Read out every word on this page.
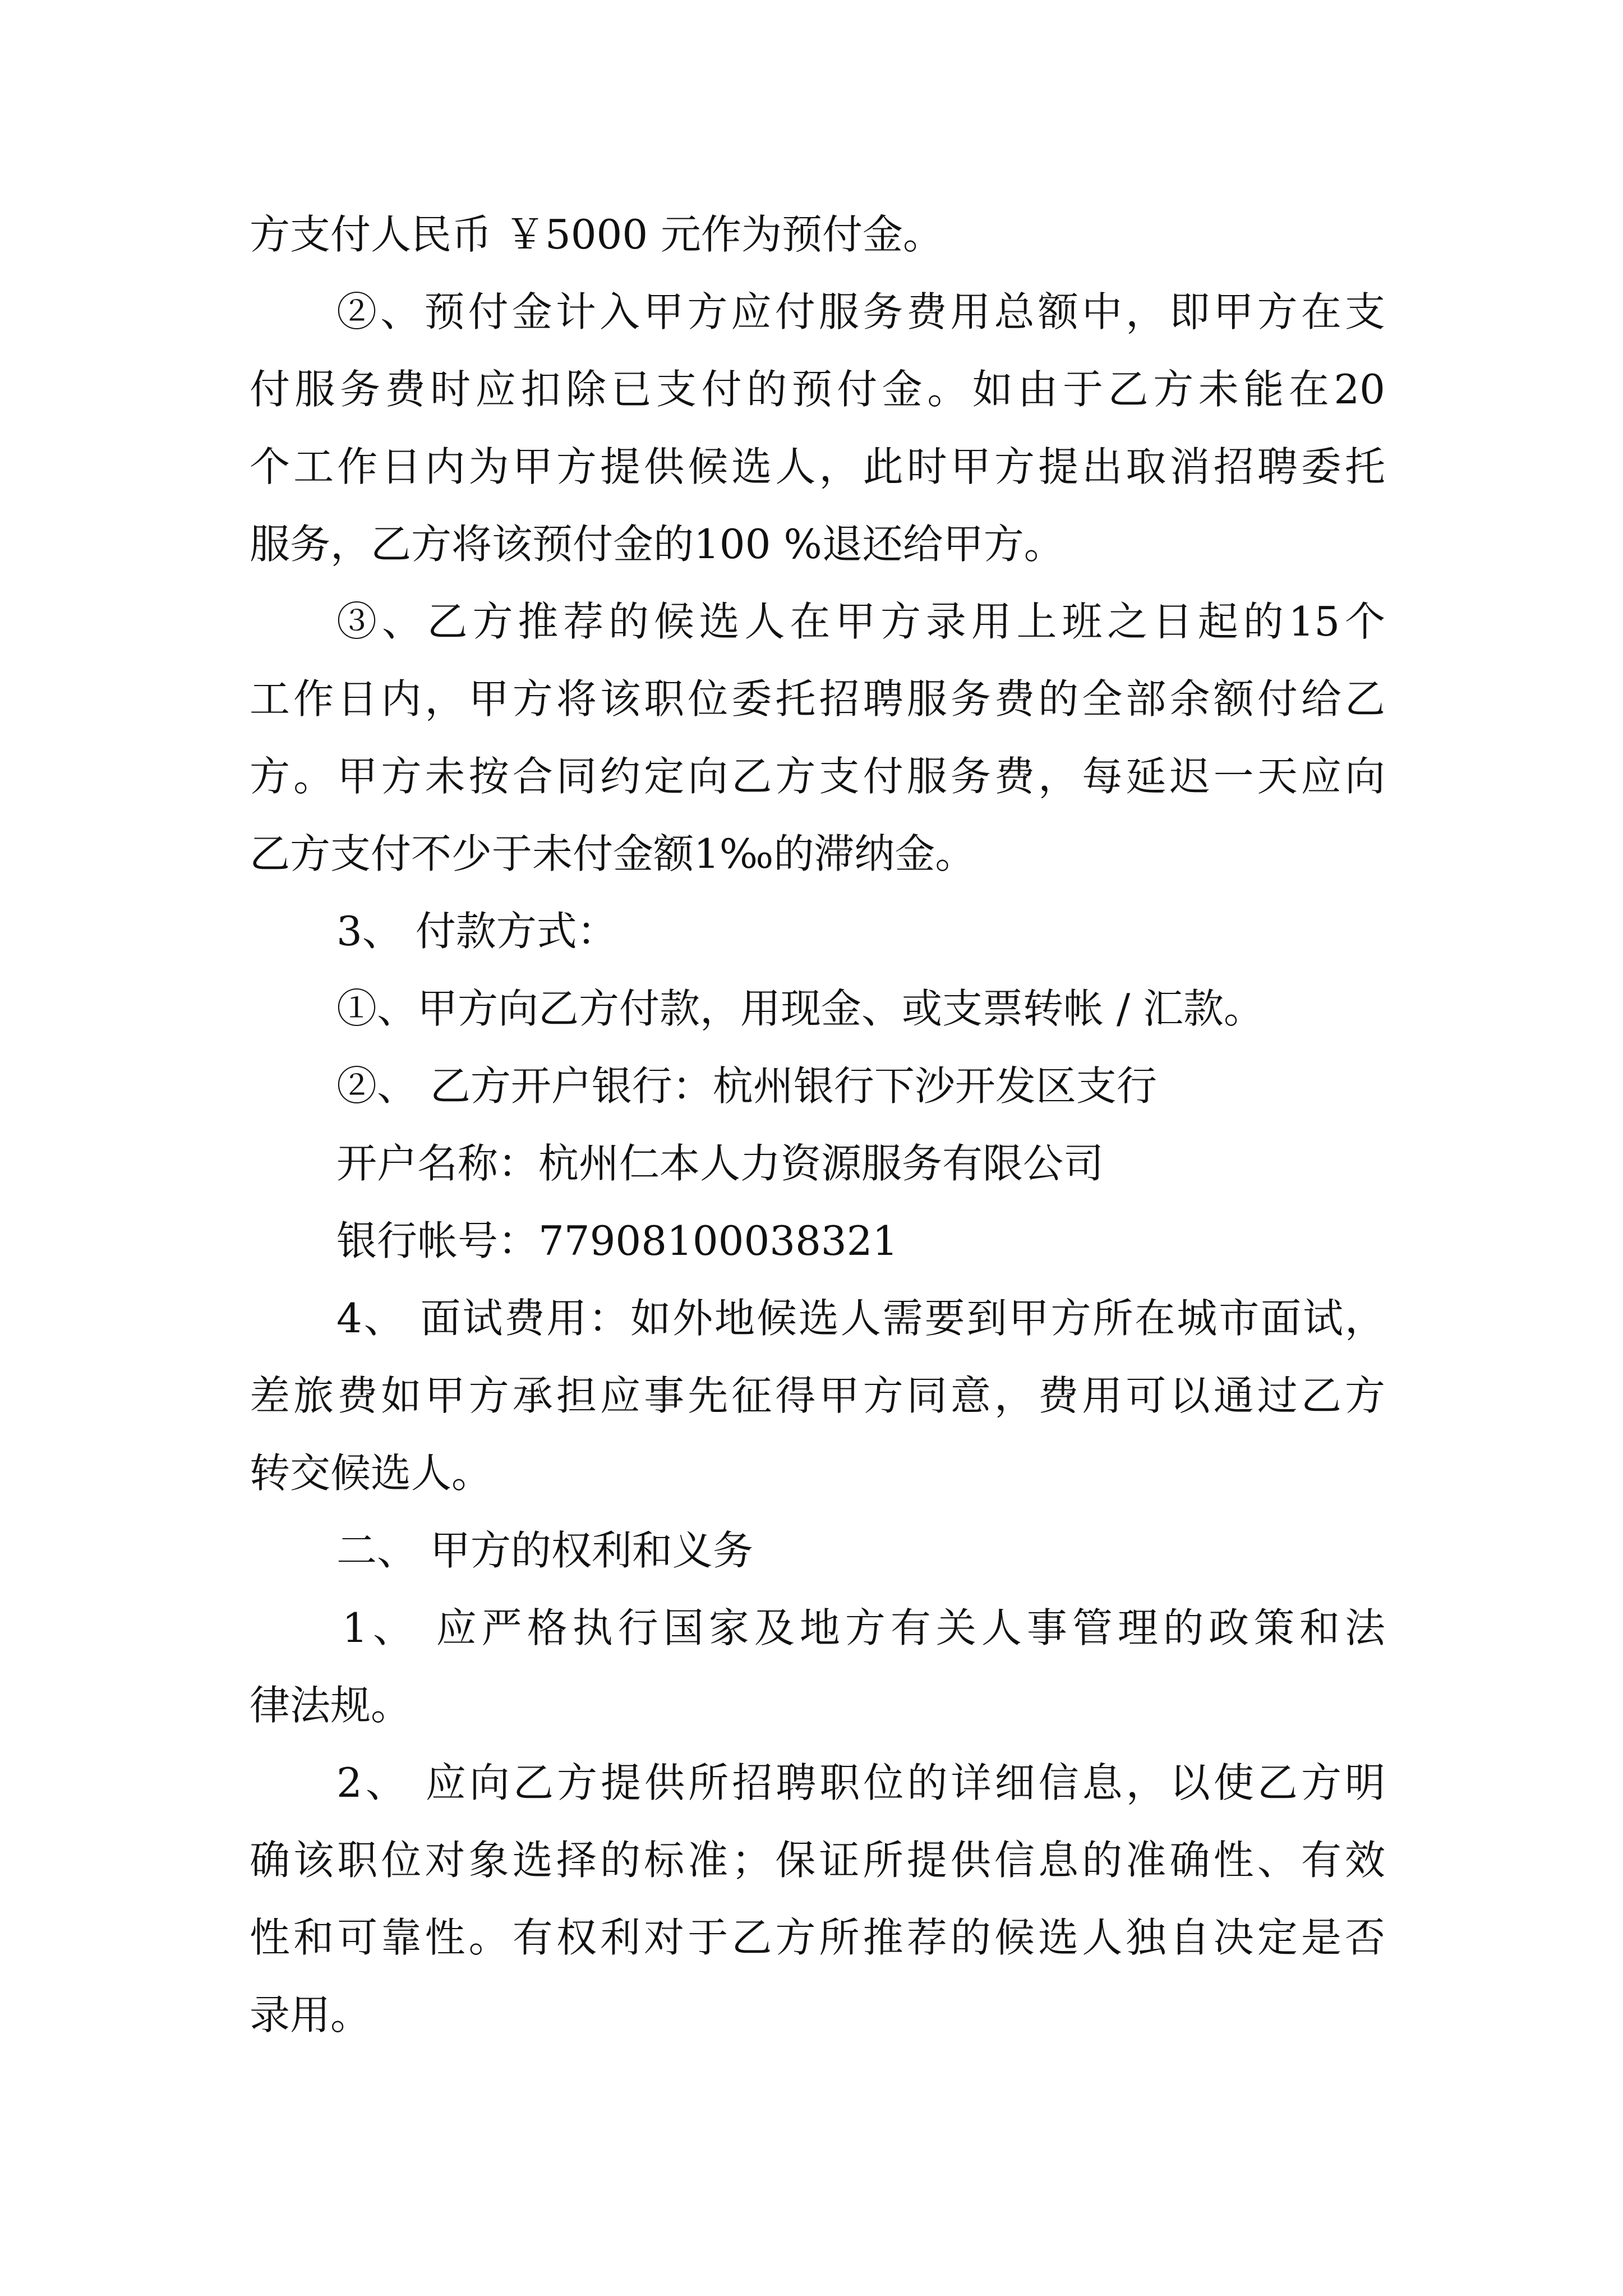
方支付人民币 ￥5000 元作为预付金。
②、预付金计入甲方应付服务费用总额中，即甲方在支
付服务费时应扣除已支付的预付金。如由于乙方未能在20
个工作日内为甲方提供候选人，此时甲方提出取消招聘委托
服务，乙方将该预付金的100 %退还给甲方。
③、乙方推荐的候选人在甲方录用上班之日起的15个
工作日内，甲方将该职位委托招聘服务费的全部余额付给乙
方。甲方未按合同约定向乙方支付服务费，每延迟一天应向
乙方支付不少于未付金额1‰的滞纳金。
3、 付款方式：
①、甲方向乙方付款，用现金、或支票转帐 / 汇款。
②、 乙方开户银行：杭州银行下沙开发区支行
开户名称：杭州仁本人力资源服务有限公司
银行帐号：77908100038321
4、 面试费用：如外地候选人需要到甲方所在城市面试，
差旅费如甲方承担应事先征得甲方同意，费用可以通过乙方
转交候选人。
二、 甲方的权利和义务
1、 应严格执行国家及地方有关人事管理的政策和法
律法规。
2、 应向乙方提供所招聘职位的详细信息，以使乙方明
确该职位对象选择的标准；保证所提供信息的准确性、有效
性和可靠性。有权利对于乙方所推荐的候选人独自决定是否
录用。
